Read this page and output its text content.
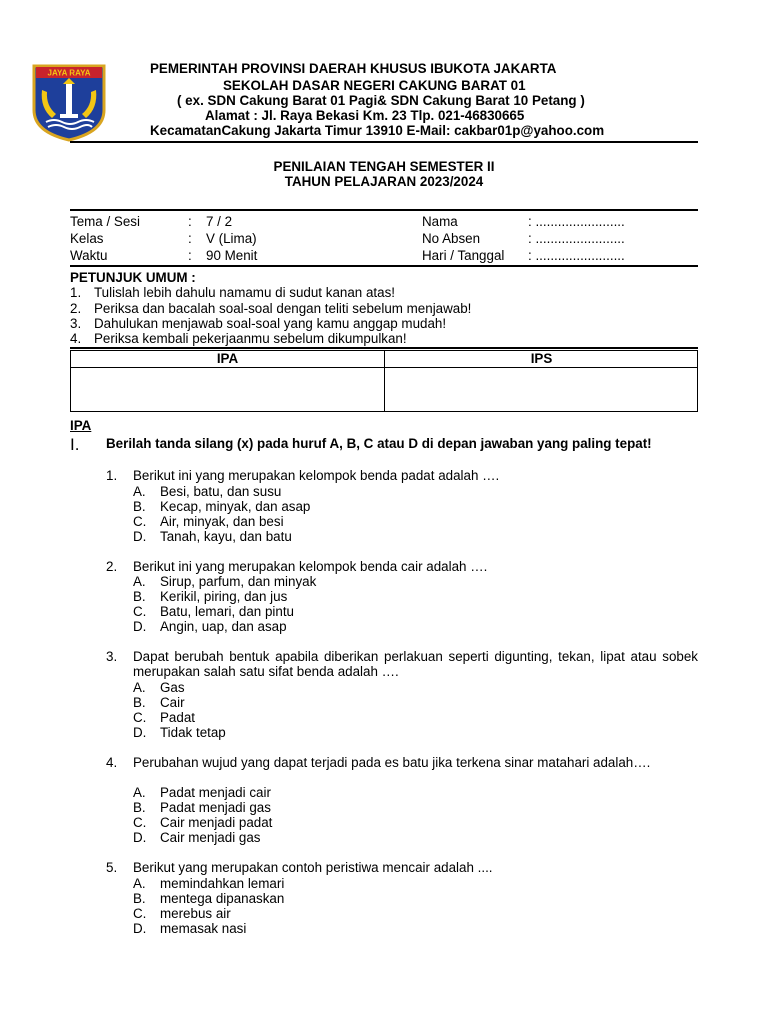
JAYA RAYA	PEMERINTAH PROVINSI DAERAH KHUSUS IBUKOTA JAKARTA
SEKOLAH DASAR NEGERI CAKUNG BARAT 01
( ex. SDN Cakung Barat 01 Pagi& SDN Cakung Barat 10 Petang )
Alamat : Jl. Raya Bekasi Km. 23 Tlp. 021-46830665
KecamatanCakung Jakarta Timur 13910 E-Mail: cakbar01p@yahoo.com
PENILAIAN TENGAH SEMESTER II
TAHUN PELAJARAN 2023/2024
Tema / Sesi	: 7 / 2	Nama	: ........................
Kelas	: V (Lima)	No Absen	: ........................
Waktu	: 90 Menit	Hari / Tanggal : ........................
PETUNJUK UMUM :
1. Tulislah lebih dahulu namamu di sudut kanan atas!
2. Periksa dan bacalah soal-soal dengan teliti sebelum menjawab!
3. Dahulukan menjawab soal-soal yang kamu anggap mudah!
4. Periksa kembali pekerjaanmu sebelum dikumpulkan!
IPA	IPS
IPA
I. Berilah tanda silang (x) pada huruf A, B, C atau D di depan jawaban yang paling tepat!
1. Berikut ini yang merupakan kelompok benda padat adalah ….
A. Besi, batu, dan susu
B. Kecap, minyak, dan asap
C. Air, minyak, dan besi
D. Tanah, kayu, dan batu
2. Berikut ini yang merupakan kelompok benda cair adalah ….
A. Sirup, parfum, dan minyak
B. Kerikil, piring, dan jus
C. Batu, lemari, dan pintu
D. Angin, uap, dan asap
3. Dapat berubah bentuk apabila diberikan perlakuan seperti digunting, tekan, lipat atau sobek merupakan salah satu sifat benda adalah ….
A. Gas
B. Cair
C. Padat
D. Tidak tetap
4. Perubahan wujud yang dapat terjadi pada es batu jika terkena sinar matahari adalah….
A. Padat menjadi cair
B. Padat menjadi gas
C. Cair menjadi padat
D. Cair menjadi gas
5. Berikut yang merupakan contoh peristiwa mencair adalah ....
A. memindahkan lemari
B. mentega dipanaskan
C. merebus air
D. memasak nasi
